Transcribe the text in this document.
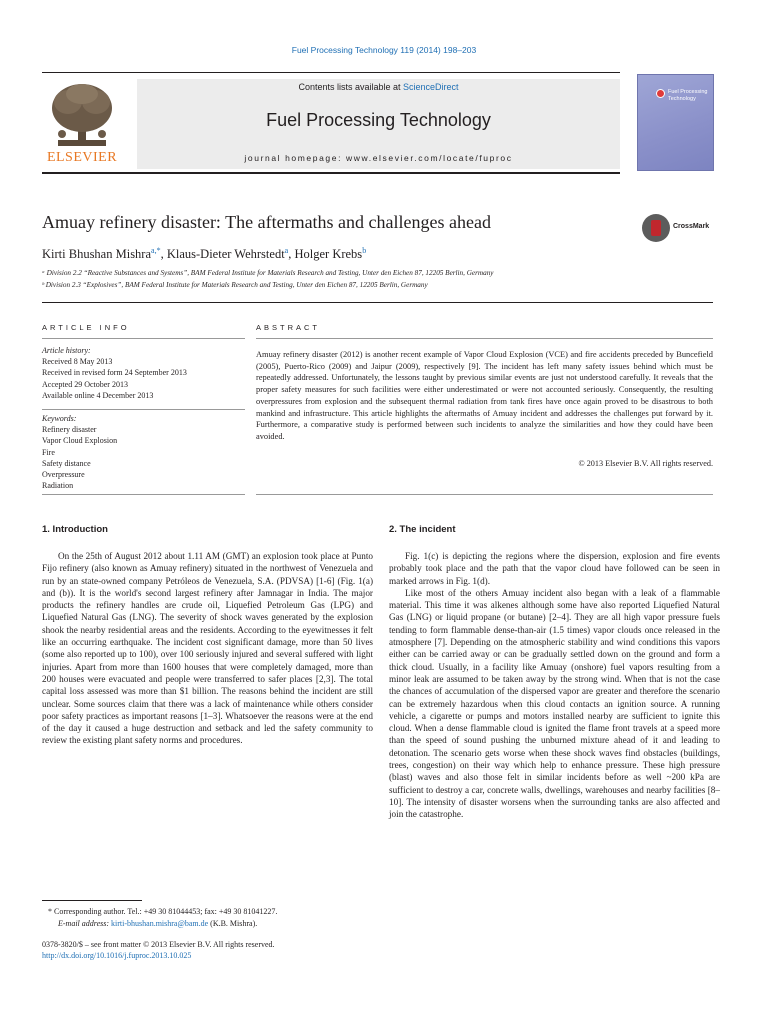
Fuel Processing Technology 119 (2014) 198–203
ELSEVIER
Contents lists available at ScienceDirect
Fuel Processing Technology
journal homepage: www.elsevier.com/locate/fuproc
Fuel Processing Technology
Amuay refinery disaster: The aftermaths and challenges ahead	CrossMark
Kirti Bhushan Mishra$^{a,*}$, Klaus-Dieter Wehrstedt$^a$, Holger Krebs$^b$
ᵃ Division 2.2 “Reactive Substances and Systems”, BAM Federal Institute for Materials Research and Testing, Unter den Eichen 87, 12205 Berlin, Germany
ᵇ Division 2.3 “Explosives”, BAM Federal Institute for Materials Research and Testing, Unter den Eichen 87, 12205 Berlin, Germany
ARTICLE INFO	ABSTRACT
Article history:
Received 8 May 2013
Received in revised form 24 September 2013
Accepted 29 October 2013
Available online 4 December 2013
Keywords:
Refinery disaster
Vapor Cloud Explosion
Fire
Safety distance
Overpressure
Radiation
Amuay refinery disaster (2012) is another recent example of Vapor Cloud Explosion (VCE) and fire accidents preceded by Buncefield (2005), Puerto-Rico (2009) and Jaipur (2009), respectively [9]. The incident has left many safety issues behind which must be repeatedly addressed. Unfortunately, the lessons taught by previous similar events are just not understood carefully. It reveals that the proper safety measures for such facilities were either underestimated or were not accounted seriously. Consequently, the resulting overpressures from explosion and the subsequent thermal radiation from tank fires have once again proved to be disastrous to both mankind and infrastructure. This article highlights the aftermaths of Amuay incident and addresses the challenges put forward by it. Furthermore, a comparative study is performed between such incidents to analyze the similarities and how they could have been avoided.
© 2013 Elsevier B.V. All rights reserved.
1. Introduction	2. The incident

On the 25th of August 2012 about 1.11 AM (GMT) an explosion took place at Punto Fijo refinery (also known as Amuay refinery) situated in the northwest of Venezuela and run by an state-owned company Petróleos de Venezuela, S.A. (PDVSA) [1-6] (Fig. 1(a) and (b)). It is the world's second largest refinery after Jamnagar in India. The major products the refinery handles are crude oil, Liquefied Petroleum Gas (LPG) and Liquefied Natural Gas (LNG). The severity of shock waves generated by the explosion shook the nearby residential areas and the residents. According to the eyewitnesses it felt like an occurring earthquake. The incident cost significant damage, more than 50 lives (some also reported up to 100), over 100 seriously injured and several suffered with light injuries. Apart from more than 1600 houses that were completely damaged, more than 200 houses were evacuated and people were transferred to safer places [2,3]. The total capital loss assessed was more than $1 billion. The reasons behind the incident are still unclear. Some sources claim that there was a lack of maintenance while others consider poor safety practices as important reasons [1–3]. Whatsoever the reasons were at the end of the day it caused a huge destruction and setback and led the safety community to review the existing plant safety norms and procedures.

Fig. 1(c) is depicting the regions where the dispersion, explosion and fire events probably took place and the path that the vapor cloud have followed can be seen in marked arrows in Fig. 1(d).

Like most of the others Amuay incident also began with a leak of a flammable material. This time it was alkenes although some have also reported Liquefied Natural Gas (LNG) or liquid propane (or butane) [2–4]. They are all high vapor pressure fuels tending to form flammable dense-than-air (1.5 times) vapor clouds once released in the atmosphere [7]. Depending on the atmospheric stability and wind conditions this vapors either can be carried away or can be gradually settled down on the ground and form a thick cloud. Usually, in a facility like Amuay (onshore) fuel vapors resulting from a minor leak are assumed to be taken away by the strong wind. When that is not the case the chances of accumulation of the dispersed vapor are greater and therefore the scenario can be extremely hazardous when this cloud contacts an ignition source. A running vehicle, a cigarette or pumps and motors installed nearby are sufficient to ignite this cloud. When a dense flammable cloud is ignited the flame front travels at a speed more than the speed of sound pushing the unburned mixture ahead of it and leading to detonation. The scenario gets worse when these shock waves find obstacles (buildings, trees, congestion) on their way which help to enhance pressure. These high pressure (blast) waves and also those felt in similar incidents before as well ~200 kPa are sufficient to destroy a car, concrete walls, dwellings, warehouses and nearby facilities [8–10]. The intensity of disaster worsens when the surrounding tanks are also affected and join the catastrophe.

* Corresponding author. Tel.: +49 30 81044453; fax: +49 30 81041227.
E-mail address: kirti-bhushan.mishra@bam.de (K.B. Mishra).
0378-3820/$ – see front matter © 2013 Elsevier B.V. All rights reserved.
http://dx.doi.org/10.1016/j.fuproc.2013.10.025
